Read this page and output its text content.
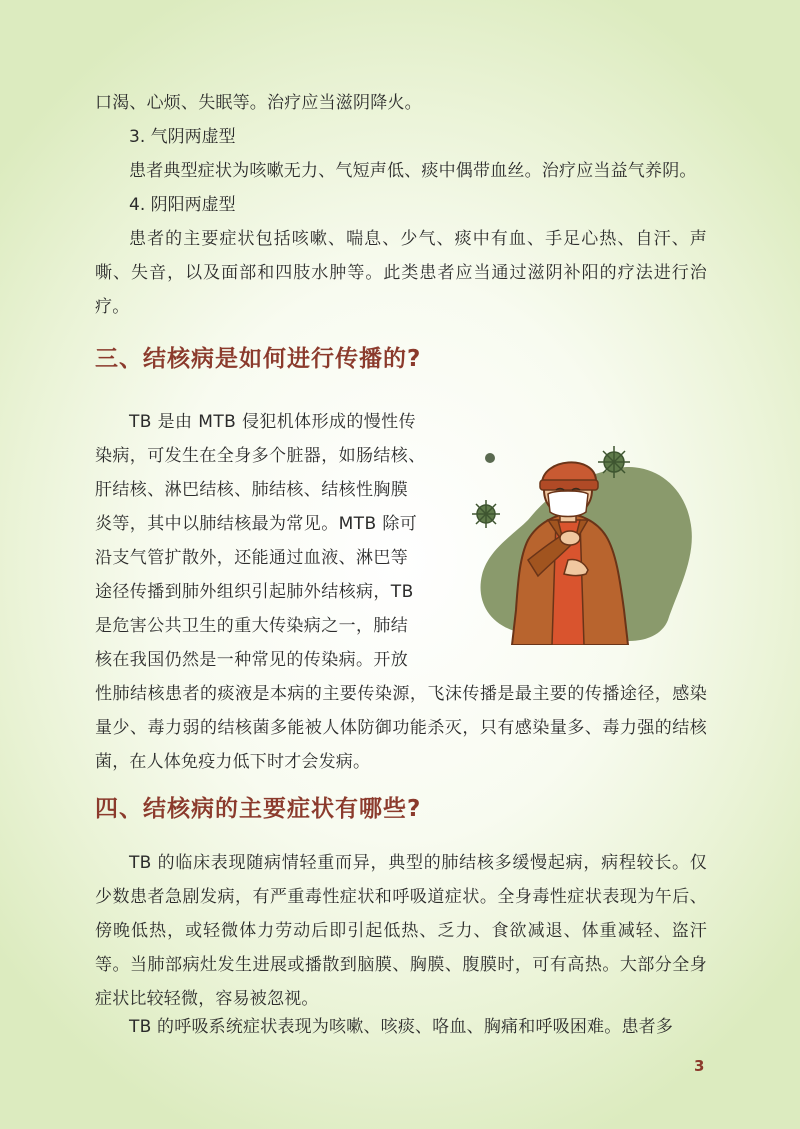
口渴、心烦、失眠等。治疗应当滋阴降火。

3. 气阴两虚型

患者典型症状为咳嗽无力、气短声低、痰中偶带血丝。治疗应当益气养阴。

4. 阴阳两虚型

患者的主要症状包括咳嗽、喘息、少气、痰中有血、手足心热、自汗、声嘶、失音，以及面部和四肢水肿等。此类患者应当通过滋阴补阳的疗法进行治疗。

三、结核病是如何进行传播的?
TB 是由 MTB 侵犯机体形成的慢性传
染病，可发生在全身多个脏器，如肠结核、
肝结核、淋巴结核、肺结核、结核性胸膜
炎等，其中以肺结核最为常见。MTB 除可
沿支气管扩散外，还能通过血液、淋巴等
途径传播到肺外组织引起肺外结核病，TB
是危害公共卫生的重大传染病之一，肺结
核在我国仍然是一种常见的传染病。开放

性肺结核患者的痰液是本病的主要传染源，飞沫传播是最主要的传播途径，感染量少、毒力弱的结核菌多能被人体防御功能杀灭，只有感染量多、毒力强的结核菌，在人体免疫力低下时才会发病。

四、结核病的主要症状有哪些?

TB 的临床表现随病情轻重而异，典型的肺结核多缓慢起病，病程较长。仅少数患者急剧发病，有严重毒性症状和呼吸道症状。全身毒性症状表现为午后、傍晚低热，或轻微体力劳动后即引起低热、乏力、食欲减退、体重减轻、盗汗等。当肺部病灶发生进展或播散到脑膜、胸膜、腹膜时，可有高热。大部分全身症状比较轻微，容易被忽视。

TB 的呼吸系统症状表现为咳嗽、咳痰、咯血、胸痛和呼吸困难。患者多

3
